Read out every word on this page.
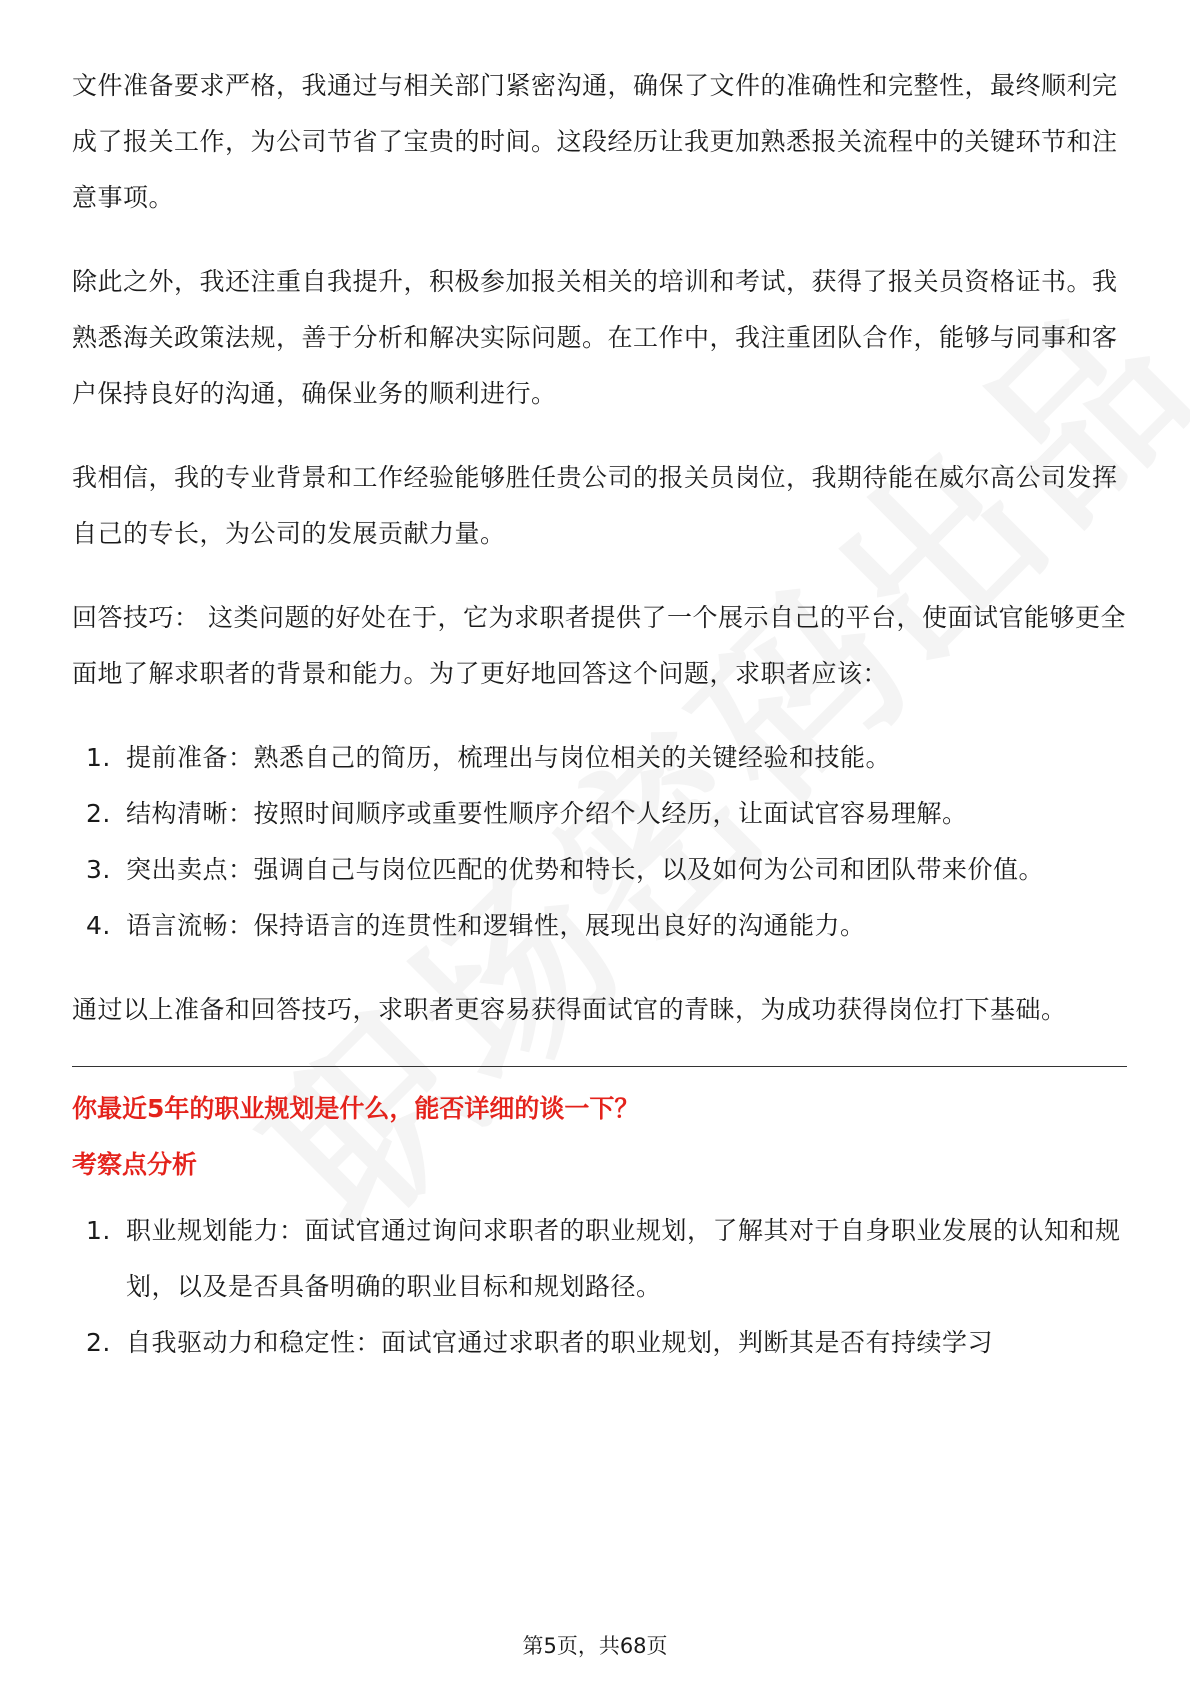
文件准备要求严格，我通过与相关部门紧密沟通，确保了文件的准确性和完整性，最终顺利完成了报关工作，为公司节省了宝贵的时间。这段经历让我更加熟悉报关流程中的关键环节和注意事项。

除此之外，我还注重自我提升，积极参加报关相关的培训和考试，获得了报关员资格证书。我熟悉海关政策法规，善于分析和解决实际问题。在工作中，我注重团队合作，能够与同事和客户保持良好的沟通，确保业务的顺利进行。

我相信，我的专业背景和工作经验能够胜任贵公司的报关员岗位，我期待能在威尔高公司发挥自己的专长，为公司的发展贡献力量。

回答技巧： 这类问题的好处在于，它为求职者提供了一个展示自己的平台，使面试官能够更全面地了解求职者的背景和能力。为了更好地回答这个问题，求职者应该：

1. 提前准备：熟悉自己的简历，梳理出与岗位相关的关键经验和技能。
2. 结构清晰：按照时间顺序或重要性顺序介绍个人经历，让面试官容易理解。
3. 突出卖点：强调自己与岗位匹配的优势和特长，以及如何为公司和团队带来价值。
4. 语言流畅：保持语言的连贯性和逻辑性，展现出良好的沟通能力。

通过以上准备和回答技巧，求职者更容易获得面试官的青睐，为成功获得岗位打下基础。

你最近5年的职业规划是什么，能否详细的谈一下？
考察点分析
1. 职业规划能力：面试官通过询问求职者的职业规划，了解其对于自身职业发展的认知和规划，以及是否具备明确的职业目标和规划路径。
2. 自我驱动力和稳定性：面试官通过求职者的职业规划，判断其是否有持续学习
第5页，共68页
